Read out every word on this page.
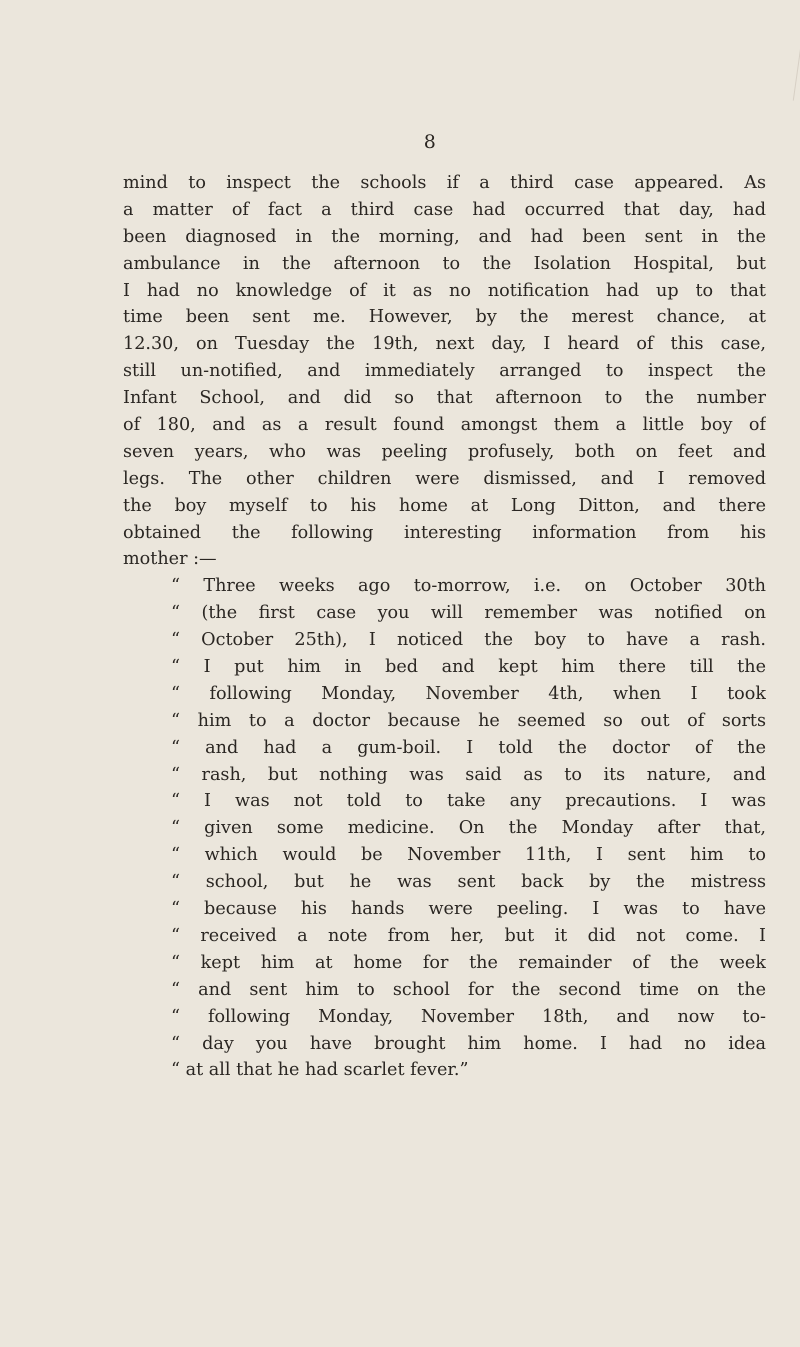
8
mind to inspect the schools if a third case appeared. As
a matter of fact a third case had occurred that day, had
been diagnosed in the morning, and had been sent in the
ambulance in the afternoon to the Isolation Hospital, but
I had no knowledge of it as no notification had up to that
time been sent me. However, by the merest chance, at
12.30, on Tuesday the 19th, next day, I heard of this case,
still un-notified, and immediately arranged to inspect the
Infant School, and did so that afternoon to the number
of 180, and as a result found amongst them a little boy of
seven years, who was peeling profusely, both on feet and
legs. The other children were dismissed, and I removed
the boy myself to his home at Long Ditton, and there
obtained the following interesting information from his
mother :—
“ Three weeks ago to-morrow, i.e. on October 30th
“ (the first case you will remember was notified on
“ October 25th), I noticed the boy to have a rash.
“ I put him in bed and kept him there till the
“ following Monday, November 4th, when I took
“ him to a doctor because he seemed so out of sorts
“ and had a gum-boil. I told the doctor of the
“ rash, but nothing was said as to its nature, and
“ I was not told to take any precautions. I was
“ given some medicine. On the Monday after that,
“ which would be November 11th, I sent him to
“ school, but he was sent back by the mistress
“ because his hands were peeling. I was to have
“ received a note from her, but it did not come. I
“ kept him at home for the remainder of the week
“ and sent him to school for the second time on the
“ following Monday, November 18th, and now to-
“ day you have brought him home. I had no idea
“ at all that he had scarlet fever.”
